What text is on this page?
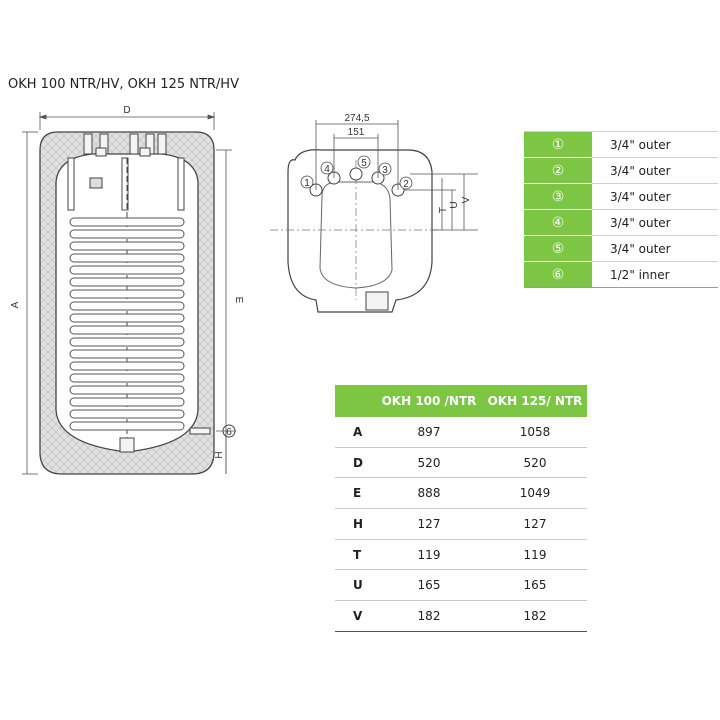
OKH 100 NTR/HV, OKH 125 NTR/HV
6
D
A
E
H
1	2
3
4
5
274,5
151
T
U
V
①	3/4" outer
②	3/4" outer
③	3/4" outer
④	3/4" outer
⑤	3/4" outer
⑥	1/2" inner
	OKH 100 /NTR	OKH 125/ NTR
A	897	1058
D	520	520
E	888	1049
H	127	127
T	119	119
U	165	165
V	182	182
